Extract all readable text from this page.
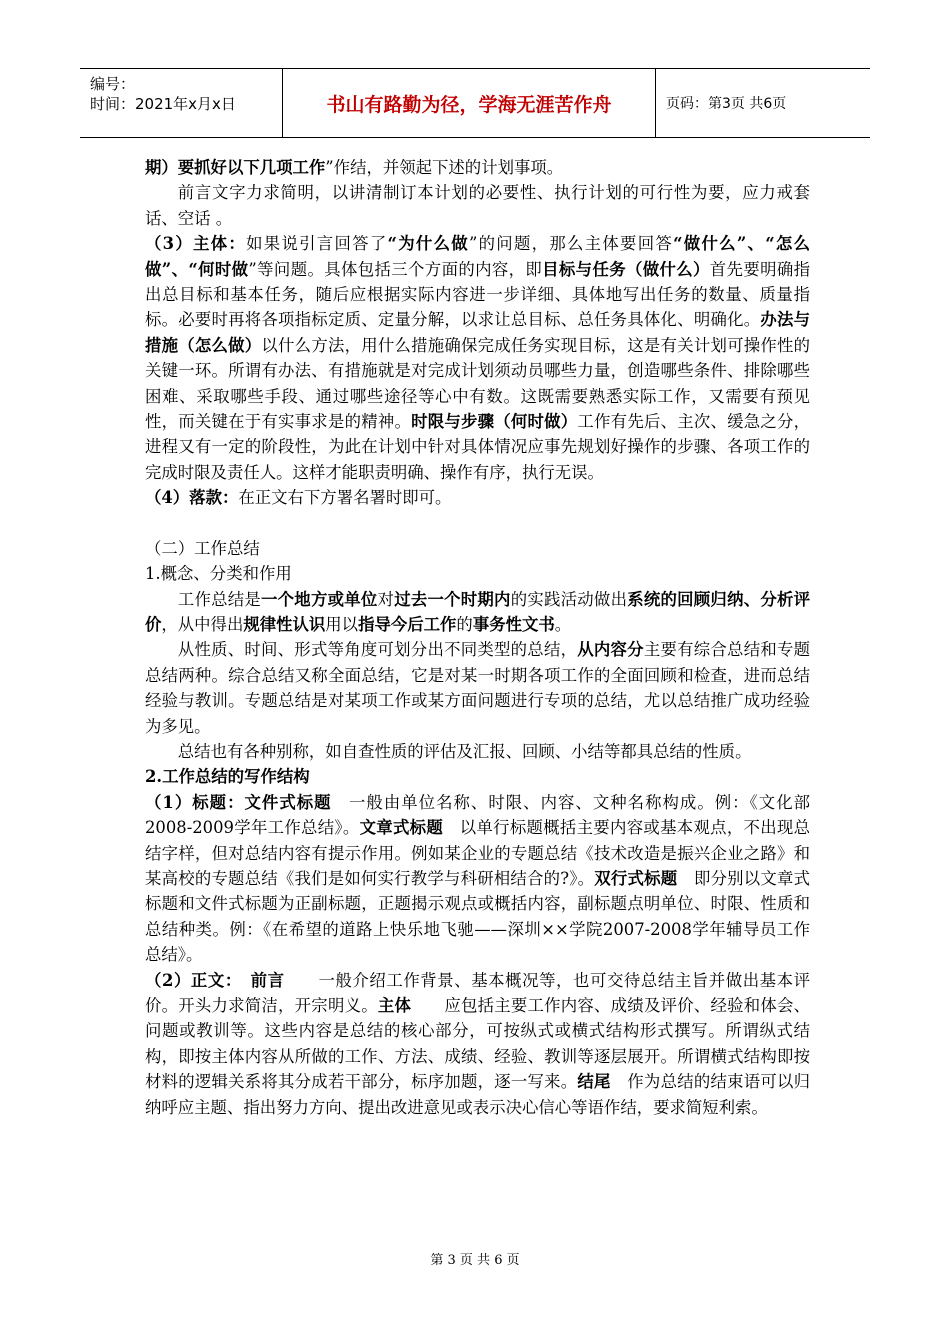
编号：
时间：2021年x月x日	书山有路勤为径，学海无涯苦作舟	页码：第3页 共6页

期）要抓好以下几项工作”作结，并领起下述的计划事项。

前言文字力求简明，以讲清制订本计划的必要性、执行计划的可行性为要，应力戒套话、空话 。

（3）主体：如果说引言回答了“为什么做”的问题，那么主体要回答“做什么”、“怎么做”、“何时做”等问题。具体包括三个方面的内容，即目标与任务（做什么）首先要明确指出总目标和基本任务，随后应根据实际内容进一步详细、具体地写出任务的数量、质量指标。必要时再将各项指标定质、定量分解，以求让总目标、总任务具体化、明确化。办法与措施（怎么做）以什么方法，用什么措施确保完成任务实现目标，这是有关计划可操作性的关键一环。所谓有办法、有措施就是对完成计划须动员哪些力量，创造哪些条件、排除哪些困难、采取哪些手段、通过哪些途径等心中有数。这既需要熟悉实际工作，又需要有预见性，而关键在于有实事求是的精神。时限与步骤（何时做）工作有先后、主次、缓急之分，进程又有一定的阶段性，为此在计划中针对具体情况应事先规划好操作的步骤、各项工作的完成时限及责任人。这样才能职责明确、操作有序，执行无误。

（4）落款：在正文右下方署名署时即可。

（二）工作总结

1.概念、分类和作用

工作总结是一个地方或单位对过去一个时期内的实践活动做出系统的回顾归纳、分析评价，从中得出规律性认识用以指导今后工作的事务性文书。

从性质、时间、形式等角度可划分出不同类型的总结，从内容分主要有综合总结和专题总结两种。综合总结又称全面总结，它是对某一时期各项工作的全面回顾和检查，进而总结经验与教训。专题总结是对某项工作或某方面问题进行专项的总结，尤以总结推广成功经验为多见。

总结也有各种别称，如自查性质的评估及汇报、回顾、小结等都具总结的性质。

2.工作总结的写作结构

（1）标题：文件式标题　一般由单位名称、时限、内容、文种名称构成。例：《文化部2008-2009学年工作总结》。文章式标题　以单行标题概括主要内容或基本观点，不出现总结字样，但对总结内容有提示作用。例如某企业的专题总结《技术改造是振兴企业之路》和某高校的专题总结《我们是如何实行教学与科研相结合的?》。双行式标题　即分别以文章式标题和文件式标题为正副标题，正题揭示观点或概括内容，副标题点明单位、时限、性质和总结种类。例：《在希望的道路上快乐地飞驰——深圳××学院2007-2008学年辅导员工作总结》。

（2）正文：　 前言　　一般介绍工作背景、基本概况等，也可交待总结主旨并做出基本评价。开头力求简洁，开宗明义。主体　　应包括主要工作内容、成绩及评价、经验和体会、问题或教训等。这些内容是总结的核心部分，可按纵式或横式结构形式撰写。所谓纵式结构，即按主体内容从所做的工作、方法、成绩、经验、教训等逐层展开。所谓横式结构即按材料的逻辑关系将其分成若干部分，标序加题，逐一写来。结尾　作为总结的结束语可以归纳呼应主题、指出努力方向、提出改进意见或表示决心信心等语作结，要求简短利索。

第 3 页 共 6 页
